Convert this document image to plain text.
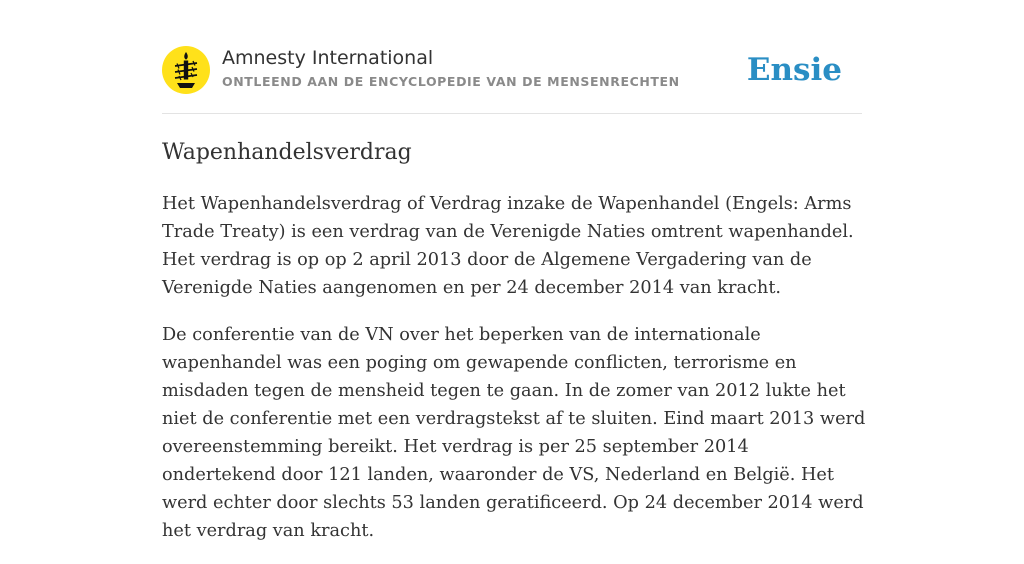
Amnesty International
ONTLEEND AAN DE ENCYCLOPEDIE VAN DE MENSENRECHTEN Ensie
Wapenhandelsverdrag

Het Wapenhandelsverdrag of Verdrag inzake de Wapenhandel (Engels: Arms Trade Treaty) is een verdrag van de Verenigde Naties omtrent wapenhandel. Het verdrag is op op 2 april 2013 door de Algemene Vergadering van de Verenigde Naties aangenomen en per 24 december 2014 van kracht.

De conferentie van de VN over het beperken van de internationale wapenhandel was een poging om gewapende conflicten, terrorisme en misdaden tegen de mensheid tegen te gaan. In de zomer van 2012 lukte het niet de conferentie met een verdragstekst af te sluiten. Eind maart 2013 werd overeenstemming bereikt. Het verdrag is per 25 september 2014 ondertekend door 121 landen, waaronder de VS, Nederland en België. Het werd echter door slechts 53 landen geratificeerd. Op 24 december 2014 werd het verdrag van kracht.
